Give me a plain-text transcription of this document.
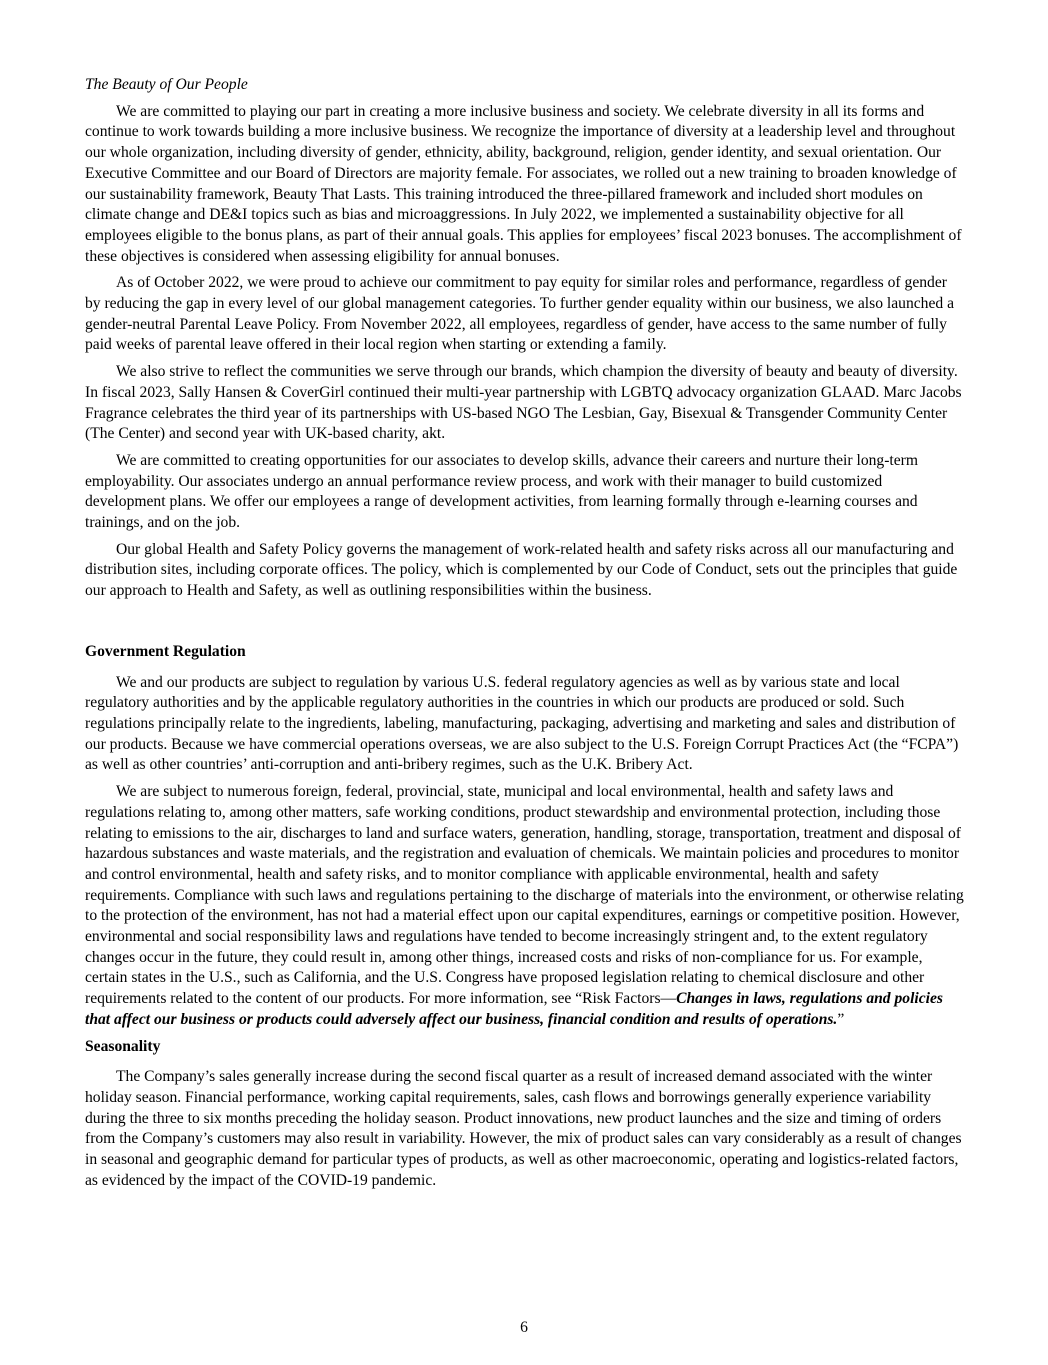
The Beauty of Our People

We are committed to playing our part in creating a more inclusive business and society. We celebrate diversity in all its forms and continue to work towards building a more inclusive business. We recognize the importance of diversity at a leadership level and throughout our whole organization, including diversity of gender, ethnicity, ability, background, religion, gender identity, and sexual orientation. Our Executive Committee and our Board of Directors are majority female. For associates, we rolled out a new training to broaden knowledge of our sustainability framework, Beauty That Lasts. This training introduced the three-pillared framework and included short modules on climate change and DE&I topics such as bias and microaggressions. In July 2022, we implemented a sustainability objective for all employees eligible to the bonus plans, as part of their annual goals. This applies for employees’ fiscal 2023 bonuses. The accomplishment of these objectives is considered when assessing eligibility for annual bonuses.

As of October 2022, we were proud to achieve our commitment to pay equity for similar roles and performance, regardless of gender by reducing the gap in every level of our global management categories. To further gender equality within our business, we also launched a gender-neutral Parental Leave Policy. From November 2022, all employees, regardless of gender, have access to the same number of fully paid weeks of parental leave offered in their local region when starting or extending a family.

We also strive to reflect the communities we serve through our brands, which champion the diversity of beauty and beauty of diversity. In fiscal 2023, Sally Hansen & CoverGirl continued their multi-year partnership with LGBTQ advocacy organization GLAAD. Marc Jacobs Fragrance celebrates the third year of its partnerships with US-based NGO The Lesbian, Gay, Bisexual & Transgender Community Center (The Center) and second year with UK-based charity, akt.

We are committed to creating opportunities for our associates to develop skills, advance their careers and nurture their long-term employability. Our associates undergo an annual performance review process, and work with their manager to build customized development plans. We offer our employees a range of development activities, from learning formally through e-learning courses and trainings, and on the job.

Our global Health and Safety Policy governs the management of work-related health and safety risks across all our manufacturing and distribution sites, including corporate offices. The policy, which is complemented by our Code of Conduct, sets out the principles that guide our approach to Health and Safety, as well as outlining responsibilities within the business.

Government Regulation

We and our products are subject to regulation by various U.S. federal regulatory agencies as well as by various state and local regulatory authorities and by the applicable regulatory authorities in the countries in which our products are produced or sold. Such regulations principally relate to the ingredients, labeling, manufacturing, packaging, advertising and marketing and sales and distribution of our products. Because we have commercial operations overseas, we are also subject to the U.S. Foreign Corrupt Practices Act (the “FCPA”) as well as other countries’ anti-corruption and anti-bribery regimes, such as the U.K. Bribery Act.

We are subject to numerous foreign, federal, provincial, state, municipal and local environmental, health and safety laws and regulations relating to, among other matters, safe working conditions, product stewardship and environmental protection, including those relating to emissions to the air, discharges to land and surface waters, generation, handling, storage, transportation, treatment and disposal of hazardous substances and waste materials, and the registration and evaluation of chemicals. We maintain policies and procedures to monitor and control environmental, health and safety risks, and to monitor compliance with applicable environmental, health and safety requirements. Compliance with such laws and regulations pertaining to the discharge of materials into the environment, or otherwise relating to the protection of the environment, has not had a material effect upon our capital expenditures, earnings or competitive position. However, environmental and social responsibility laws and regulations have tended to become increasingly stringent and, to the extent regulatory changes occur in the future, they could result in, among other things, increased costs and risks of non-compliance for us. For example, certain states in the U.S., such as California, and the U.S. Congress have proposed legislation relating to chemical disclosure and other requirements related to the content of our products. For more information, see “Risk Factors—Changes in laws, regulations and policies that affect our business or products could adversely affect our business, financial condition and results of operations.”

Seasonality

The Company’s sales generally increase during the second fiscal quarter as a result of increased demand associated with the winter holiday season. Financial performance, working capital requirements, sales, cash flows and borrowings generally experience variability during the three to six months preceding the holiday season. Product innovations, new product launches and the size and timing of orders from the Company’s customers may also result in variability. However, the mix of product sales can vary considerably as a result of changes in seasonal and geographic demand for particular types of products, as well as other macroeconomic, operating and logistics-related factors, as evidenced by the impact of the COVID-19 pandemic.

6
